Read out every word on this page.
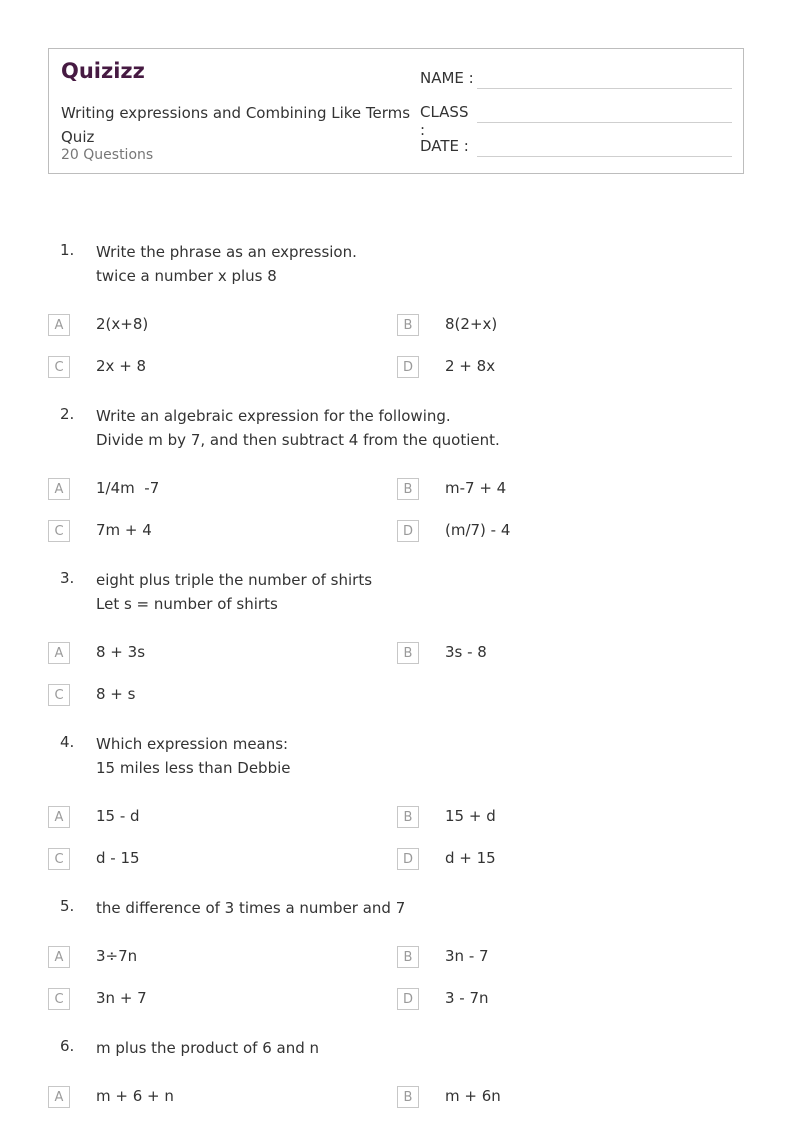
Quizizz
Writing expressions and Combining Like Terms Quiz
20 Questions
NAME :
CLASS :
DATE :
1. Write the phrase as an expression.
twice a number x plus 8
A	2(x+8)	B	8(2+x)
C	2x + 8	D	2 + 8x
2. Write an algebraic expression for the following.
Divide m by 7, and then subtract 4 from the quotient.
A	1/4m  -7	B	m-7 + 4
C	7m + 4	D	(m/7) - 4
3. eight plus triple the number of shirts
Let s = number of shirts
A	8 + 3s	B	3s - 8
C	8 + s
4. Which expression means:
15 miles less than Debbie
A	15 - d	B	15 + d
C	d - 15	D	d + 15
5. the difference of 3 times a number and 7
A	3÷7n	B	3n - 7
C	3n + 7	D	3 - 7n
6. m plus the product of 6 and n
A	m + 6 + n	B	m + 6n
